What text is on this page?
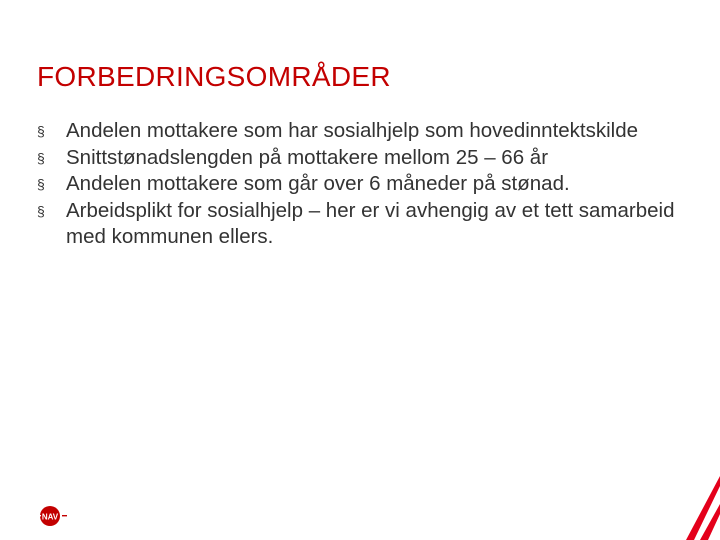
FORBEDRINGSOMRÅDER
§ Andelen mottakere som har sosialhjelp som hovedinntektskilde
§ Snittstønadslengden på mottakere mellom 25 – 66 år
§ Andelen mottakere som går over 6 måneder på stønad.
§ Arbeidsplikt for sosialhjelp – her er vi avhengig av et tett samarbeid med kommunen ellers.
NAV
